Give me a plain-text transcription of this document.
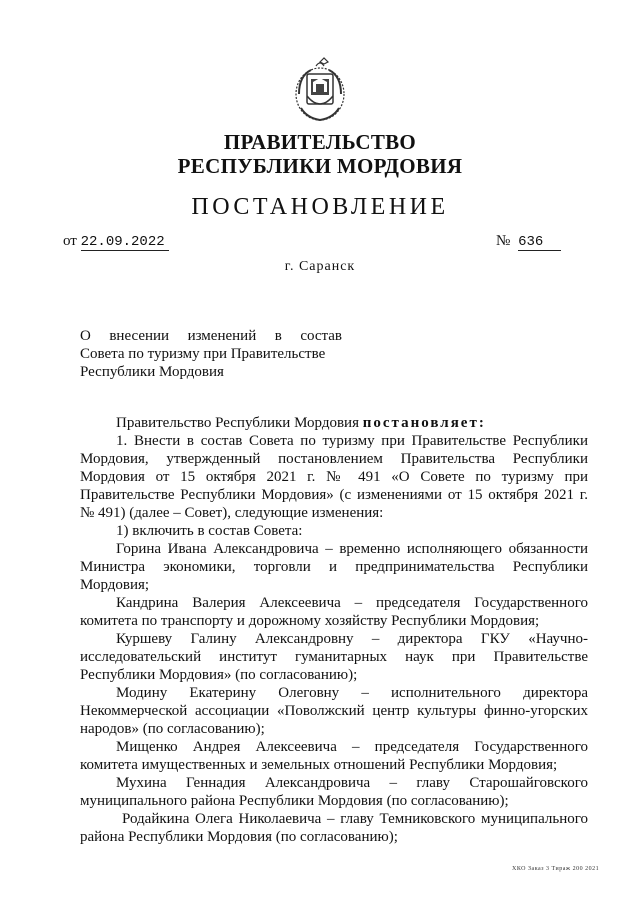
ПРАВИТЕЛЬСТВО
РЕСПУБЛИКИ МОРДОВИЯ
ПОСТАНОВЛЕНИЕ
от 22.09.2022	№ 636
г. Саранск
О внесении изменений в состав
Совета по туризму при Правительстве
Республики Мордовия
Правительство Республики Мордовия постановляет:
1. Внести в состав Совета по туризму при Правительстве Республики
Мордовия, утвержденный постановлением Правительства Республики
Мордовия от 15 октября 2021 г. № 491 «О Совете по туризму при
Правительстве Республики Мордовия» (с изменениями от 15 октября 2021 г.
№ 491) (далее – Совет), следующие изменения:
1) включить в состав Совета:
Горина Ивана Александровича – временно исполняющего обязанности
Министра экономики, торговли и предпринимательства Республики
Мордовия;
Кандрина Валерия Алексеевича – председателя Государственного
комитета по транспорту и дорожному хозяйству Республики Мордовия;
Куршеву Галину Александровну – директора ГКУ «Научно-
исследовательский институт гуманитарных наук при Правительстве
Республики Мордовия» (по согласованию);
Модину Екатерину Олеговну – исполнительного директора
Некоммерческой ассоциации «Поволжский центр культуры финно-угорских
народов» (по согласованию);
Мищенко Андрея Алексеевича – председателя Государственного
комитета имущественных и земельных отношений Республики Мордовия;
Мухина Геннадия Александровича – главу Старошайговского
муниципального района Республики Мордовия (по согласованию);
Родайкина Олега Николаевича – главу Темниковского муниципального
района Республики Мордовия (по согласованию);
ХКО Заказ 3 Тираж 200 2021
